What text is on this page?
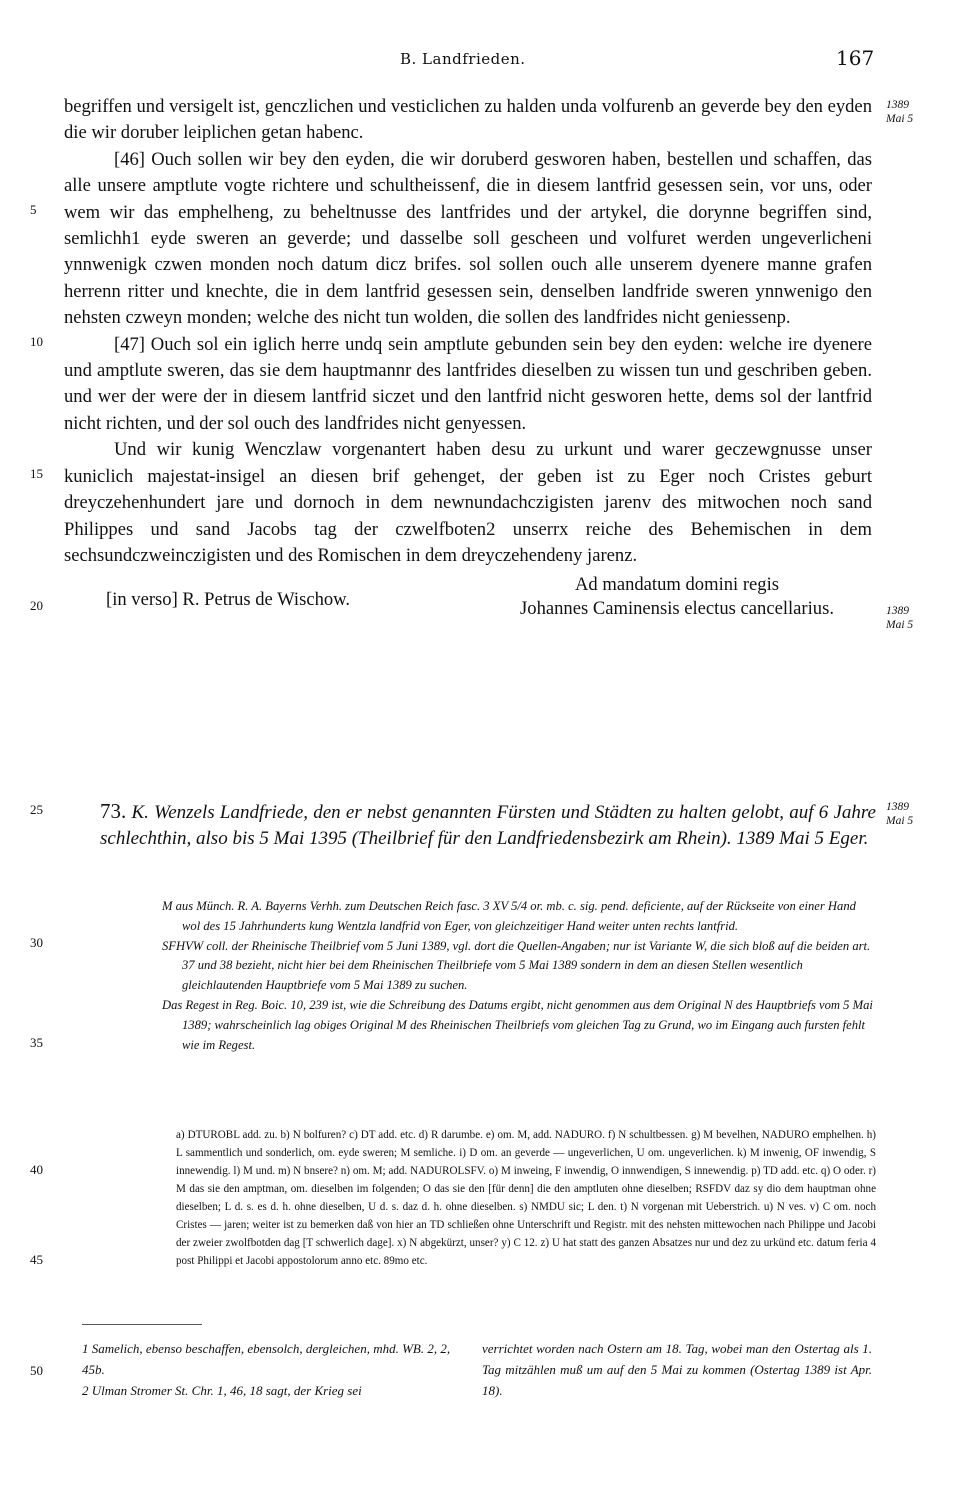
B. Landfrieden.	167

begriffen und versigelt ist, genczlichen und vesticlichen zu halden unda volfurenb an geverde bey den eyden die wir doruber leiplichen getan habenc.

[46] Ouch sollen wir bey den eyden, die wir doruberd gesworen haben, bestellen und schaffen, das alle unsere amptlute vogte richtere und schultheissenf, die in diesem lantfrid gesessen sein, vor uns, oder wem wir das emphelheng, zu beheltnusse des lantfrides und der artykel, die dorynne begriffen sind, semlichh1 eyde sweren an geverde; und dasselbe soll gescheen und volfuret werden ungeverlicheni ynnwenigk czwen monden noch datum dicz brifes. sol sollen ouch alle unserem dyenere manne grafen herrenn ritter und knechte, die in dem lantfrid gesessen sein, denselben landfride sweren ynnwenigo den nehsten czweyn monden; welche des nicht tun wolden, die sollen des landfrides nicht geniessenp.

[47] Ouch sol ein iglich herre undq sein amptlute gebunden sein bey den eyden: welche ire dyenere und amptlute sweren, das sie dem hauptmannr des lantfrides dieselben zu wissen tun und geschriben geben. und wer der were der in diesem lantfrid siczet und den lantfrid nicht gesworen hette, dems sol der lantfrid nicht richten, und der sol ouch des landfrides nicht genyessen.

Und wir kunig Wenczlaw vorgenantert haben desu zu urkunt und warer geczewgnusse unser kuniclich majestat-insigel an diesen brif gehenget, der geben ist zu Eger noch Cristes geburt dreyczehenhundert jare und dornoch in dem newnundachczigisten jarenv des mitwochen noch sand Philippes und sand Jacobs tag der czwelfboten2 unserrx reiche des Behemischen in dem sechsundczweinczigisten und des Romischen in dem dreyczehendeny jarenz.

[in verso] R. Petrus de Wischow.
Ad mandatum domini regis
Johannes Caminensis electus cancellarius.
5
10
15
20
25
30
35
40
45
50
1389
Mai 5
1389
Mai 5
1389
Mai 5
73. K. Wenzels Landfriede, den er nebst genannten Fürsten und Städten zu halten gelobt, auf 6 Jahre schlechthin, also bis 5 Mai 1395 (Theilbrief für den Landfriedensbezirk am Rhein). 1389 Mai 5 Eger.

M aus Münch. R. A. Bayerns Verhh. zum Deutschen Reich fasc. 3 XV 5/4 or. mb. c. sig. pend. deficiente, auf der Rückseite von einer Hand wol des 15 Jahrhunderts kung Wentzla landfrid von Eger, von gleichzeitiger Hand weiter unten rechts lantfrid.

SFHVW coll. der Rheinische Theilbrief vom 5 Juni 1389, vgl. dort die Quellen-Angaben; nur ist Variante W, die sich bloß auf die beiden art. 37 und 38 bezieht, nicht hier bei dem Rheinischen Theilbriefe vom 5 Mai 1389 sondern in dem an diesen Stellen wesentlich gleichlautenden Hauptbriefe vom 5 Mai 1389 zu suchen.

Das Regest in Reg. Boic. 10, 239 ist, wie die Schreibung des Datums ergibt, nicht genommen aus dem Original N des Hauptbriefs vom 5 Mai 1389; wahrscheinlich lag obiges Original M des Rheinischen Theilbriefs vom gleichen Tag zu Grund, wo im Eingang auch fursten fehlt wie im Regest.

a) DTUROBL add. zu. b) N bolfuren? c) DT add. etc. d) R darumbe. e) om. M, add. NADURO. f) N schultbessen. g) M bevelhen, NADURO emphelhen. h) L sammentlich und sonderlich, om. eyde sweren; M semliche. i) D om. an geverde — ungeverlichen, U om. ungeverlichen. k) M inwenig, OF inwendig, S innewendig. l) M und. m) N bnsere? n) om. M; add. NADUROLSFV. o) M inweing, F inwendig, O innwendigen, S innewendig. p) TD add. etc. q) O oder. r) M das sie den amptman, om. dieselben im folgenden; O das sie den [für denn] die den amptluten ohne dieselben; RSFDV daz sy dio dem hauptman ohne dieselben; L d. s. es d. h. ohne dieselben, U d. s. daz d. h. ohne dieselben. s) NMDU sic; L den. t) N vorgenan mit Ueberstrich. u) N ves. v) C om. noch Cristes — jaren; weiter ist zu bemerken daß von hier an TD schließen ohne Unterschrift und Registr. mit des nehsten mittewochen nach Philippe und Jacobi der zweier zwolfbotden dag [T schwerlich dage]. x) N abgekürzt, unser? y) C 12. z) U hat statt des ganzen Absatzes nur und dez zu urkünd etc. datum feria 4 post Philippi et Jacobi appostolorum anno etc. 89mo etc.
1 Samelich, ebenso beschaffen, ebensolch, dergleichen, mhd. WB. 2, 2, 45b.
2 Ulman Stromer St. Chr. 1, 46, 18 sagt, der Krieg sei
verrichtet worden nach Ostern am 18. Tag, wobei man den Ostertag als 1. Tag mitzählen muß um auf den 5 Mai zu kommen (Ostertag 1389 ist Apr. 18).
